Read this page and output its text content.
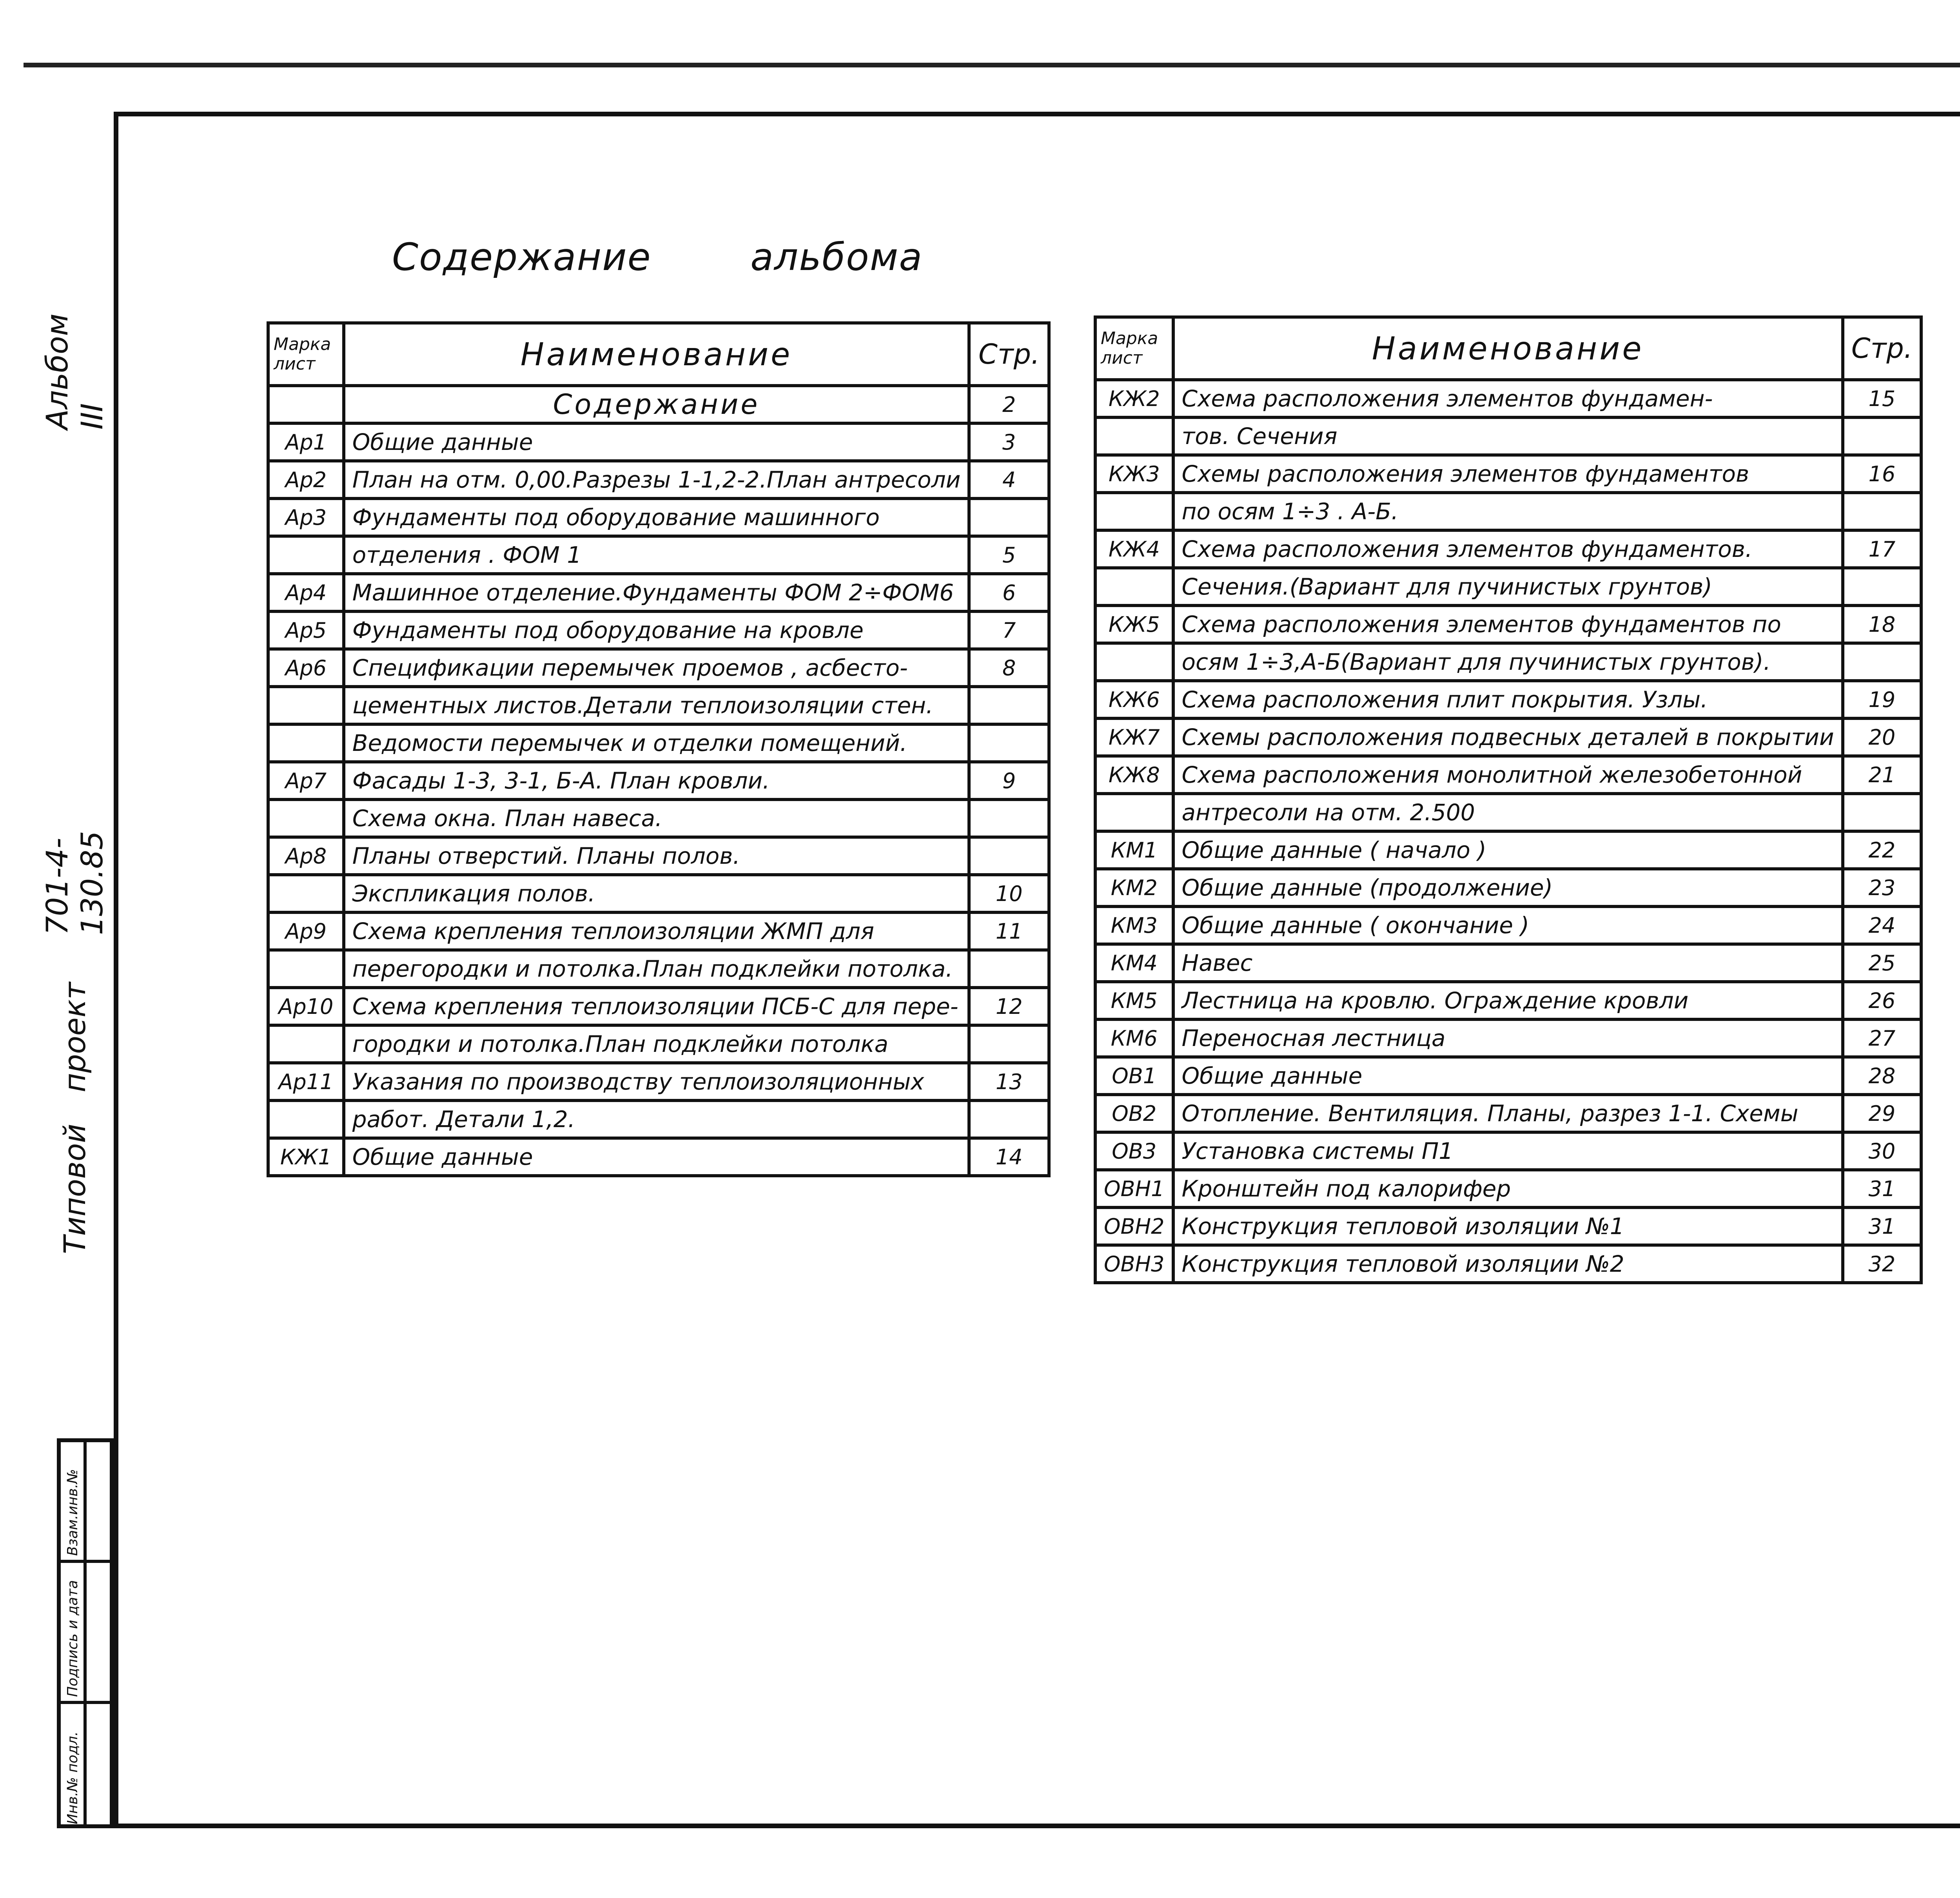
Типовой
проект
701-4-130.85
Альбом III
Инв.№ подл.
Подпись и дата
Взам.инв.№
Содержание	альбома
Марка
лист	Наименование	Стр.
	Содержание	2
Ар1	Общие данные	3
Ар2	План на отм. 0,00.Разрезы 1-1,2-2.План антресоли	4
Ар3	Фундаменты под оборудование машинного	
	отделения . ФОМ 1	5
Ар4	Машинное отделение.Фундаменты ФОМ 2÷ФОМ6	6
Ар5	Фундаменты под оборудование на кровле	7
Ар6	Спецификации перемычек проемов , асбесто-	8
	цементных листов.Детали теплоизоляции стен.	
	Ведомости перемычек и отделки помещений.	
Ар7	Фасады 1-3, 3-1, Б-А. План кровли.	9
	Схема окна. План навеса.	
Ар8	Планы отверстий. Планы полов.	
	Экспликация полов.	10
Ар9	Схема крепления теплоизоляции ЖМП для	11
	перегородки и потолка.План подклейки потолка.	
Ар10	Схема крепления теплоизоляции ПСБ-С для пере-	12
	городки и потолка.План подклейки потолка	
Ар11	Указания по производству теплоизоляционных	13
	работ. Детали 1,2.	
КЖ1	Общие данные	14
Марка
лист	Наименование	Стр.
КЖ2	Схема расположения элементов фундамен-	15
	тов. Сечения	
КЖ3	Схемы расположения элементов фундаментов	16
	по осям 1÷3 . А-Б.	
КЖ4	Схема расположения элементов фундаментов.	17
	Сечения.(Вариант для пучинистых грунтов)	
КЖ5	Схема расположения элементов фундаментов по	18
	осям 1÷3,А-Б(Вариант для пучинистых грунтов).	
КЖ6	Схема расположения плит покрытия. Узлы.	19
КЖ7	Схемы расположения подвесных деталей в покрытии	20
КЖ8	Схема расположения монолитной железобетонной	21
	антресоли на отм. 2.500	
КМ1	Общие данные ( начало )	22
КМ2	Общие данные (продолжение)	23
КМ3	Общие данные ( окончание )	24
КМ4	Навес	25
КМ5	Лестница на кровлю. Ограждение кровли	26
КМ6	Переносная лестница	27
ОВ1	Общие данные	28
ОВ2	Отопление. Вентиляция. Планы, разрез 1-1. Схемы	29
ОВ3	Установка системы П1	30
ОВН1	Кронштейн под калорифер	31
ОВН2	Конструкция тепловой изоляции №1	31
ОВН3	Конструкция тепловой изоляции №2	32
